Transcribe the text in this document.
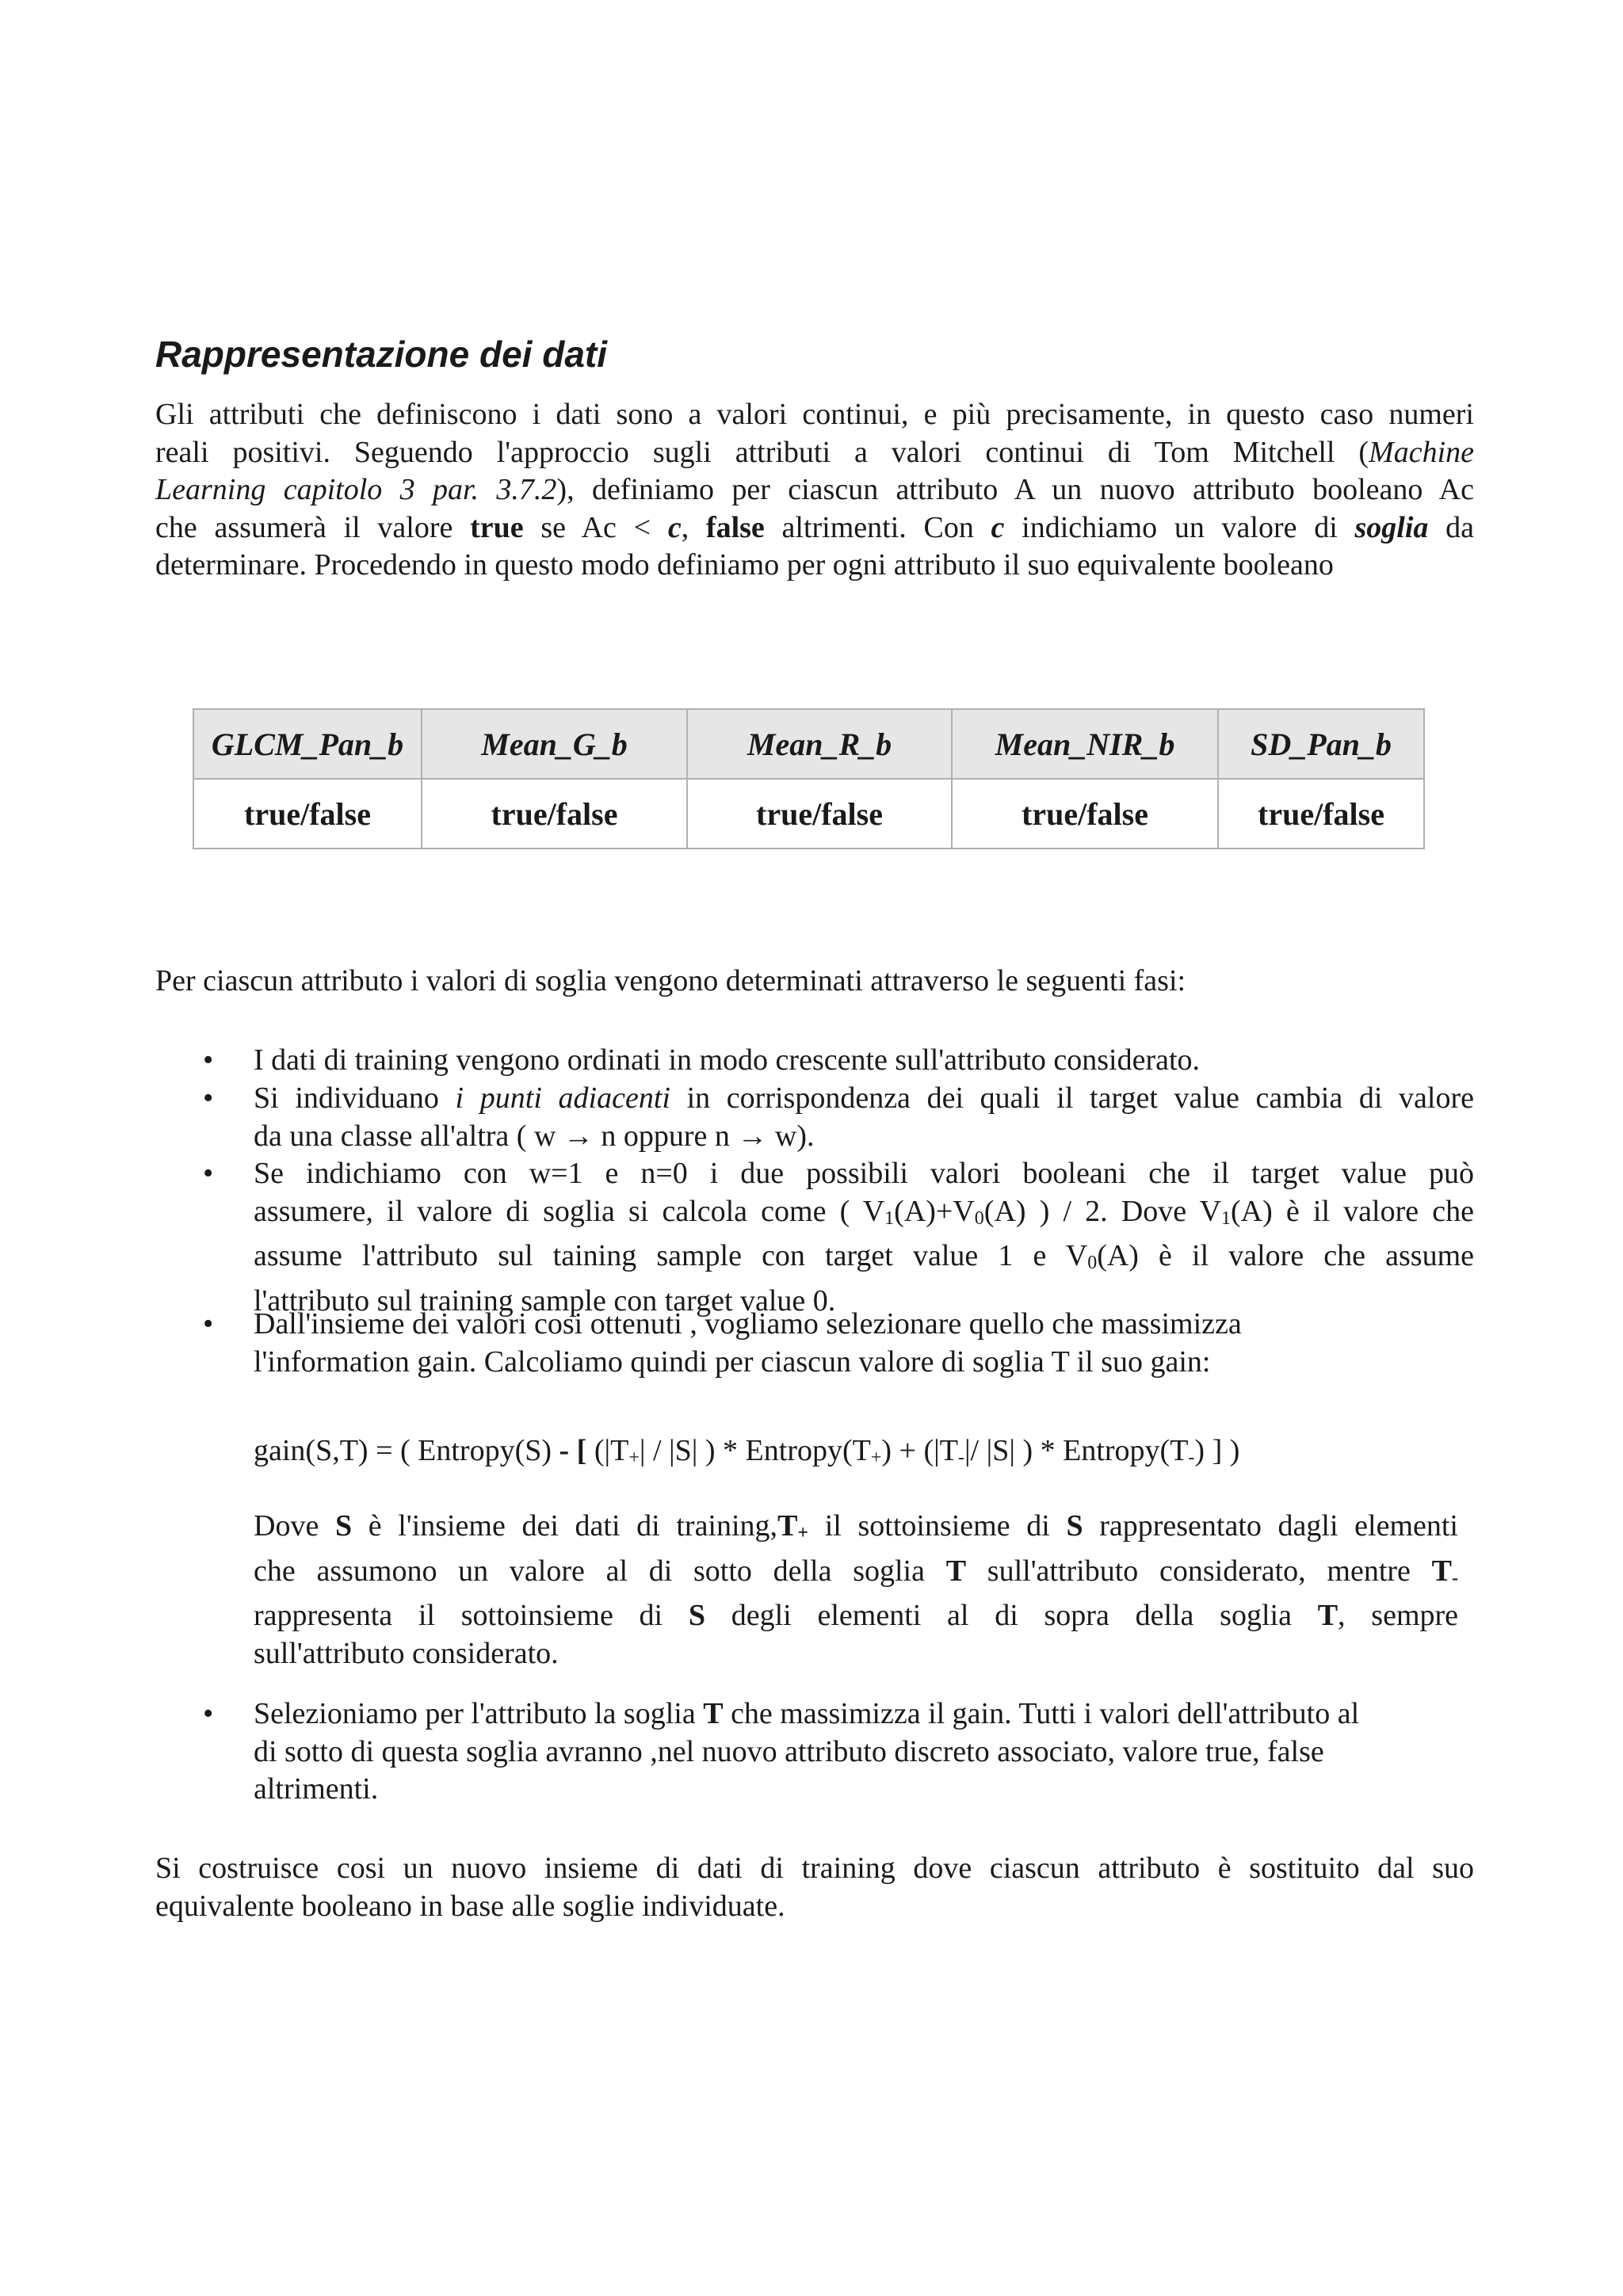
Rappresentazione dei dati
Gli attributi che definiscono i dati sono a valori continui, e più precisamente, in questo caso numeri
reali positivi. Seguendo l'approccio sugli attributi a valori continui di Tom Mitchell (Machine
Learning capitolo 3 par. 3.7.2), definiamo per ciascun attributo A un nuovo attributo booleano Ac
che assumerà il valore true se Ac < c, false altrimenti. Con c indichiamo un valore di soglia da
determinare. Procedendo in questo modo definiamo per ogni attributo il suo equivalente booleano
GLCM_Pan_b	Mean_G_b	Mean_R_b	Mean_NIR_b	SD_Pan_b
true/false	true/false	true/false	true/false	true/false

Per ciascun attributo i valori di soglia vengono determinati attraverso le seguenti fasi:

• I dati di training vengono ordinati in modo crescente sull'attributo considerato.
• Si individuano i punti adiacenti in corrispondenza dei quali il target value cambia di valore
da una classe all'altra ( w → n oppure n → w).
• Se indichiamo con w=1 e n=0 i due possibili valori booleani che il target value può
assumere, il valore di soglia si calcola come ( $V_1(A)+V_0(A)$ ) / 2. Dove $V_1(A)$ è il valore che
assume l'attributo sul taining sample con target value 1 e $V_0(A)$ è il valore che assume
l'attributo sul training sample con target value 0.
• Dall'insieme dei valori cosi ottenuti , vogliamo selezionare quello che massimizza
l'information gain. Calcoliamo quindi per ciascun valore di soglia T il suo gain:
gain(S,T) = ( Entropy(S) - [ ($|T_+| / |S|$ ) * $Entropy(T_+) + (|T_-|/$ |S| ) * $Entropy(T_-)$ ] )
Dove S è l'insieme dei dati di $training,T_+$ il sottoinsieme di S rappresentato dagli elementi
che assumono un valore al di sotto della soglia T sull'attributo considerato, mentre $T_-$
rappresenta il sottoinsieme di S degli elementi al di sopra della soglia T, sempre
sull'attributo considerato.
• Selezioniamo per l'attributo la soglia T che massimizza il gain. Tutti i valori dell'attributo al
di sotto di questa soglia avranno ,nel nuovo attributo discreto associato, valore true, false
altrimenti.
Si costruisce cosi un nuovo insieme di dati di training dove ciascun attributo è sostituito dal suo
equivalente booleano in base alle soglie individuate.
